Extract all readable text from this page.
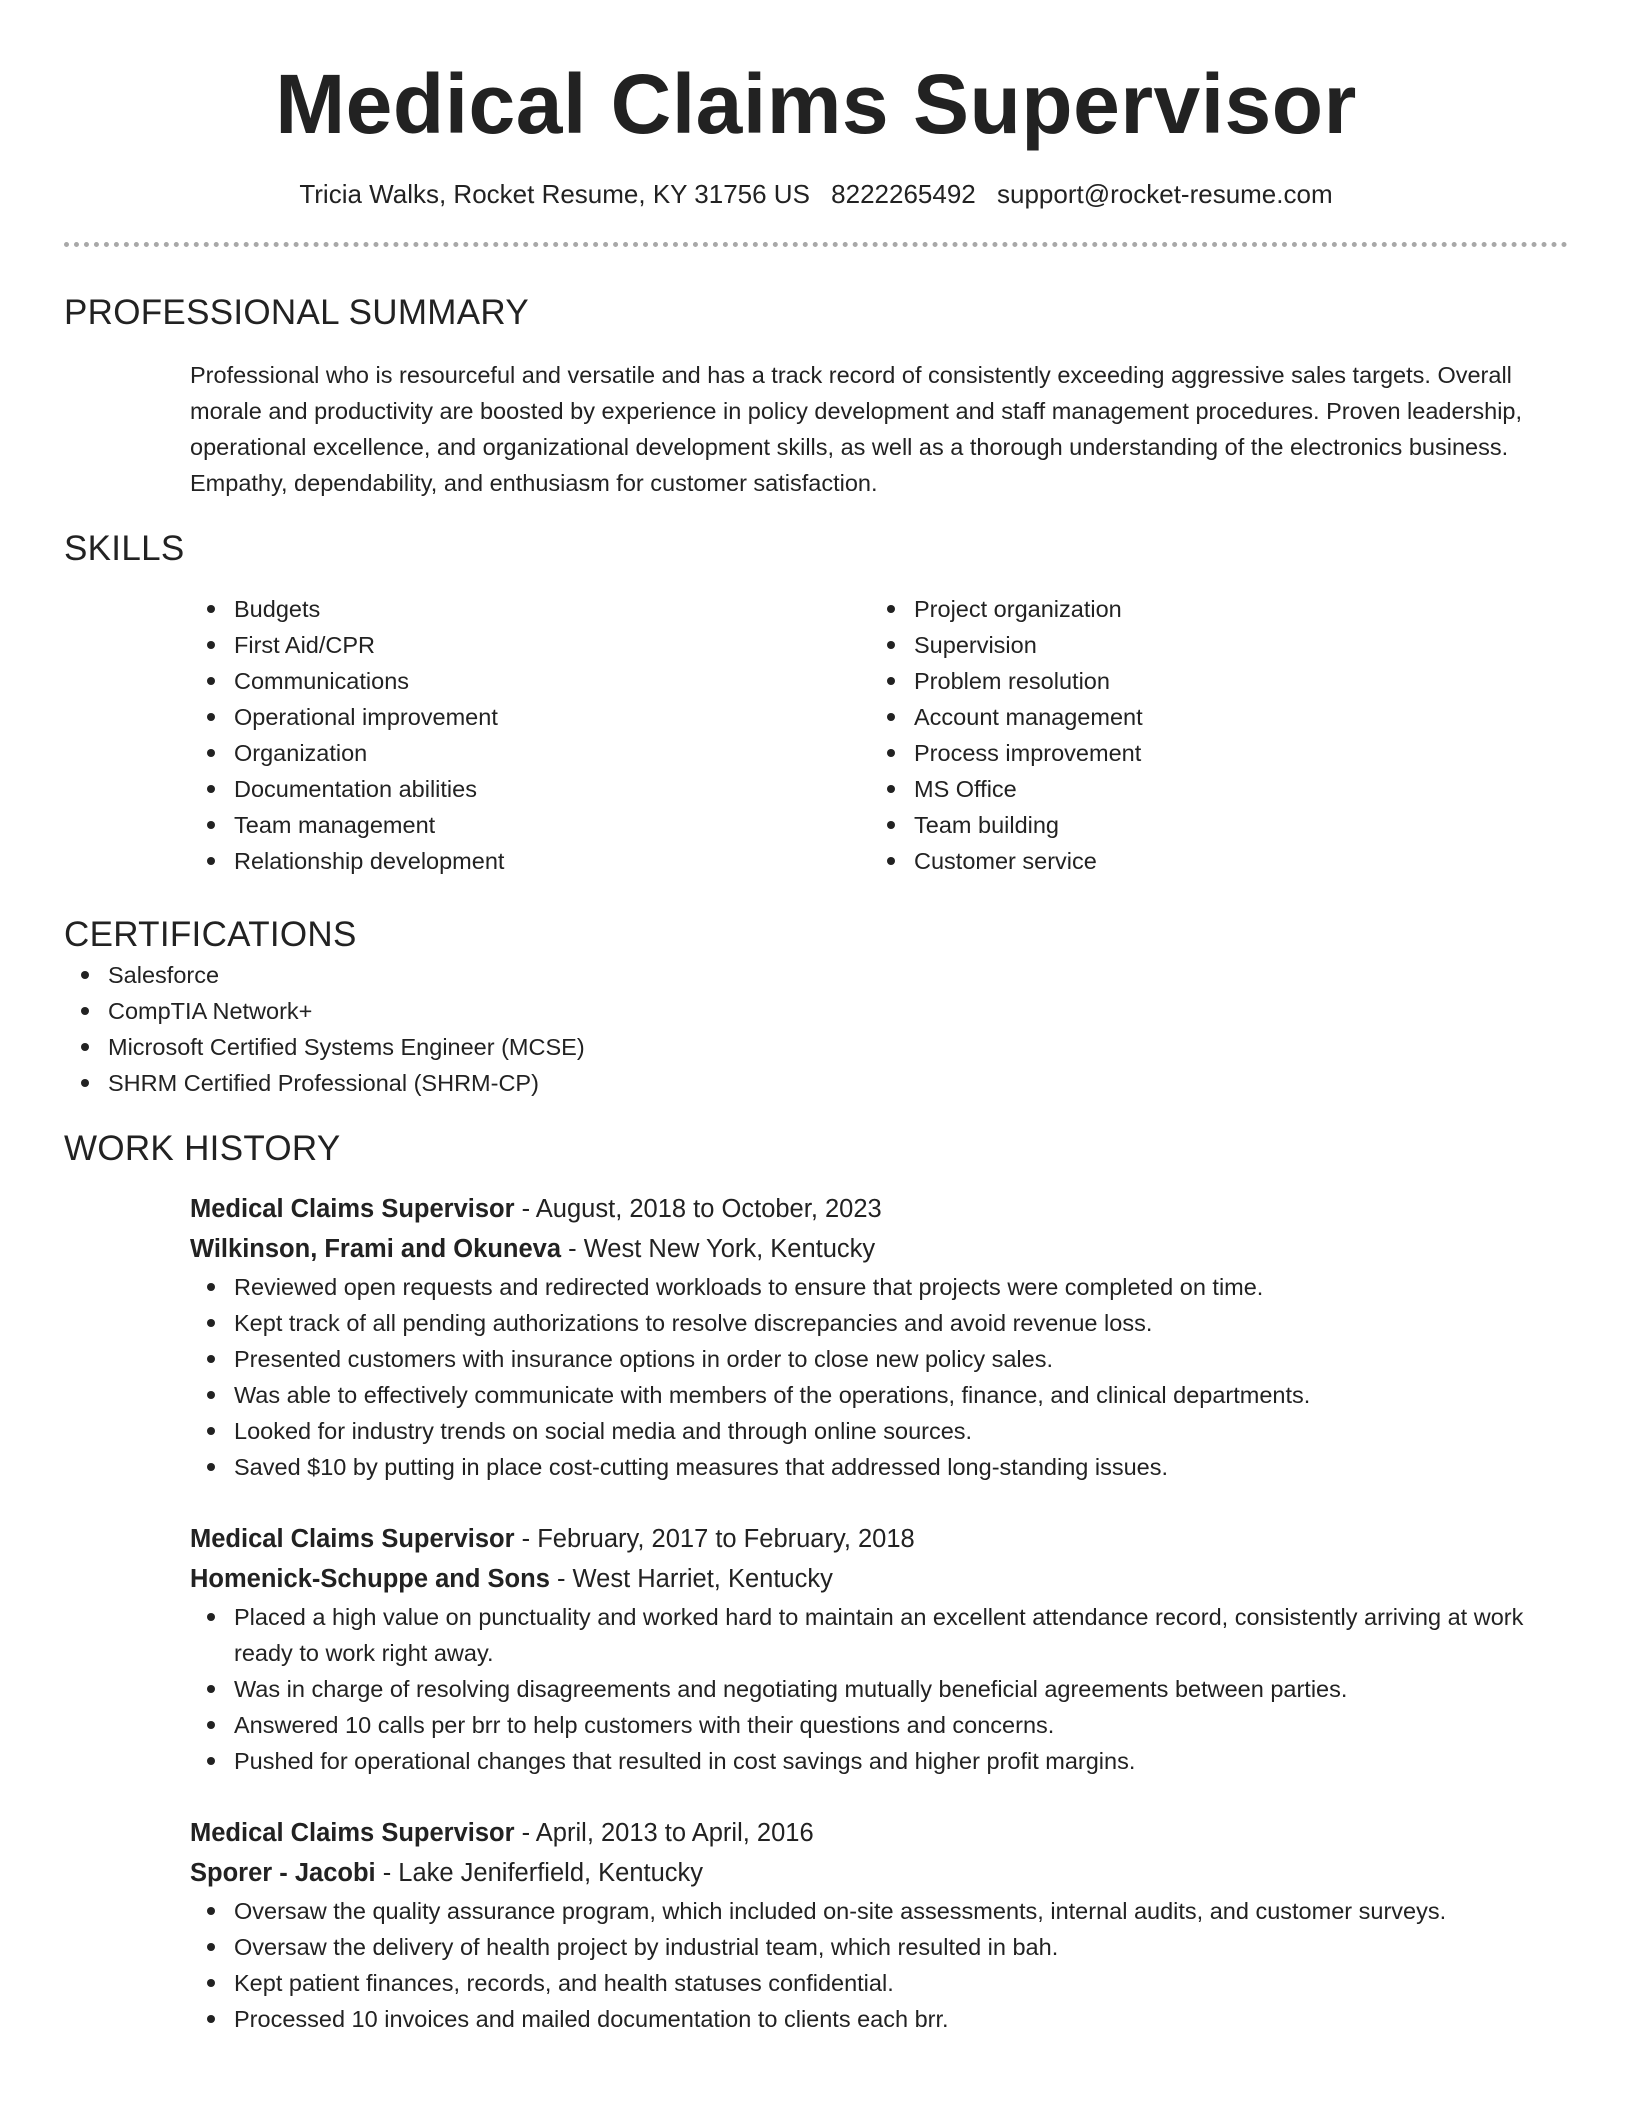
Medical Claims Supervisor
Tricia Walks, Rocket Resume, KY 31756 US 8222265492 support@rocket-resume.com
PROFESSIONAL SUMMARY
Professional who is resourceful and versatile and has a track record of consistently exceeding aggressive sales targets. Overall morale and productivity are boosted by experience in policy development and staff management procedures. Proven leadership, operational excellence, and organizational development skills, as well as a thorough understanding of the electronics business. Empathy, dependability, and enthusiasm for customer satisfaction.
SKILLS
Budgets
First Aid/CPR
Communications
Operational improvement
Organization
Documentation abilities
Team management
Relationship development
Project organization
Supervision
Problem resolution
Account management
Process improvement
MS Office
Team building
Customer service
CERTIFICATIONS
Salesforce
CompTIA Network+
Microsoft Certified Systems Engineer (MCSE)
SHRM Certified Professional (SHRM-CP)
WORK HISTORY
Medical Claims Supervisor - August, 2018 to October, 2023
Wilkinson, Frami and Okuneva - West New York, Kentucky
Reviewed open requests and redirected workloads to ensure that projects were completed on time.
Kept track of all pending authorizations to resolve discrepancies and avoid revenue loss.
Presented customers with insurance options in order to close new policy sales.
Was able to effectively communicate with members of the operations, finance, and clinical departments.
Looked for industry trends on social media and through online sources.
Saved $10 by putting in place cost-cutting measures that addressed long-standing issues.
Medical Claims Supervisor - February, 2017 to February, 2018
Homenick-Schuppe and Sons - West Harriet, Kentucky
Placed a high value on punctuality and worked hard to maintain an excellent attendance record, consistently arriving at work ready to work right away.
Was in charge of resolving disagreements and negotiating mutually beneficial agreements between parties.
Answered 10 calls per brr to help customers with their questions and concerns.
Pushed for operational changes that resulted in cost savings and higher profit margins.
Medical Claims Supervisor - April, 2013 to April, 2016
Sporer - Jacobi - Lake Jeniferfield, Kentucky
Oversaw the quality assurance program, which included on-site assessments, internal audits, and customer surveys.
Oversaw the delivery of health project by industrial team, which resulted in bah.
Kept patient finances, records, and health statuses confidential.
Processed 10 invoices and mailed documentation to clients each brr.
